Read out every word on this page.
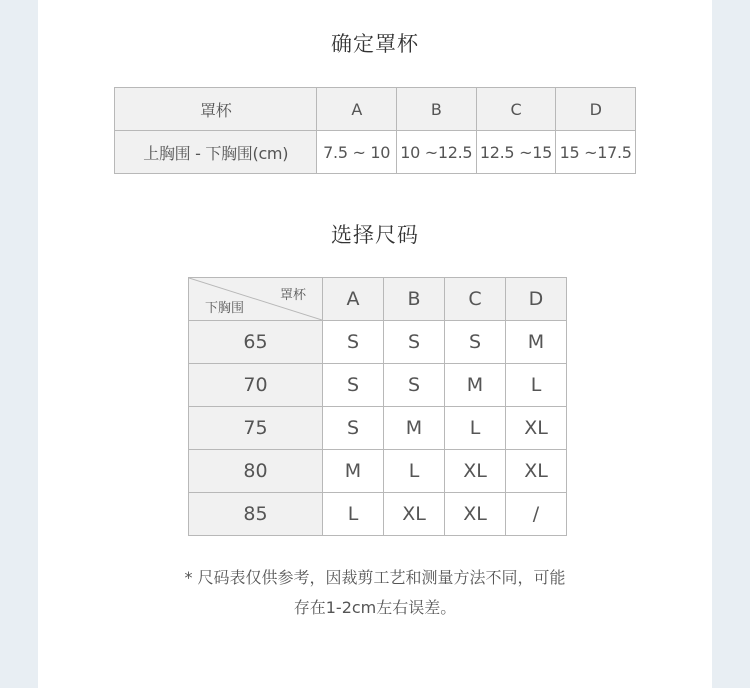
确定罩杯
罩杯	A	B	C	D
上胸围 - 下胸围(cm)	7.5 ~ 10	10 ~12.5	12.5 ~15	15 ~17.5
选择尺码
罩杯
下胸围	A	B	C	D
65	S	S	S	M
70	S	S	M	L
75	S	M	L	XL
80	M	L	XL	XL
85	L	XL	XL	/
* 尺码表仅供参考，因裁剪工艺和测量方法不同，可能
存在1-2cm左右误差。
